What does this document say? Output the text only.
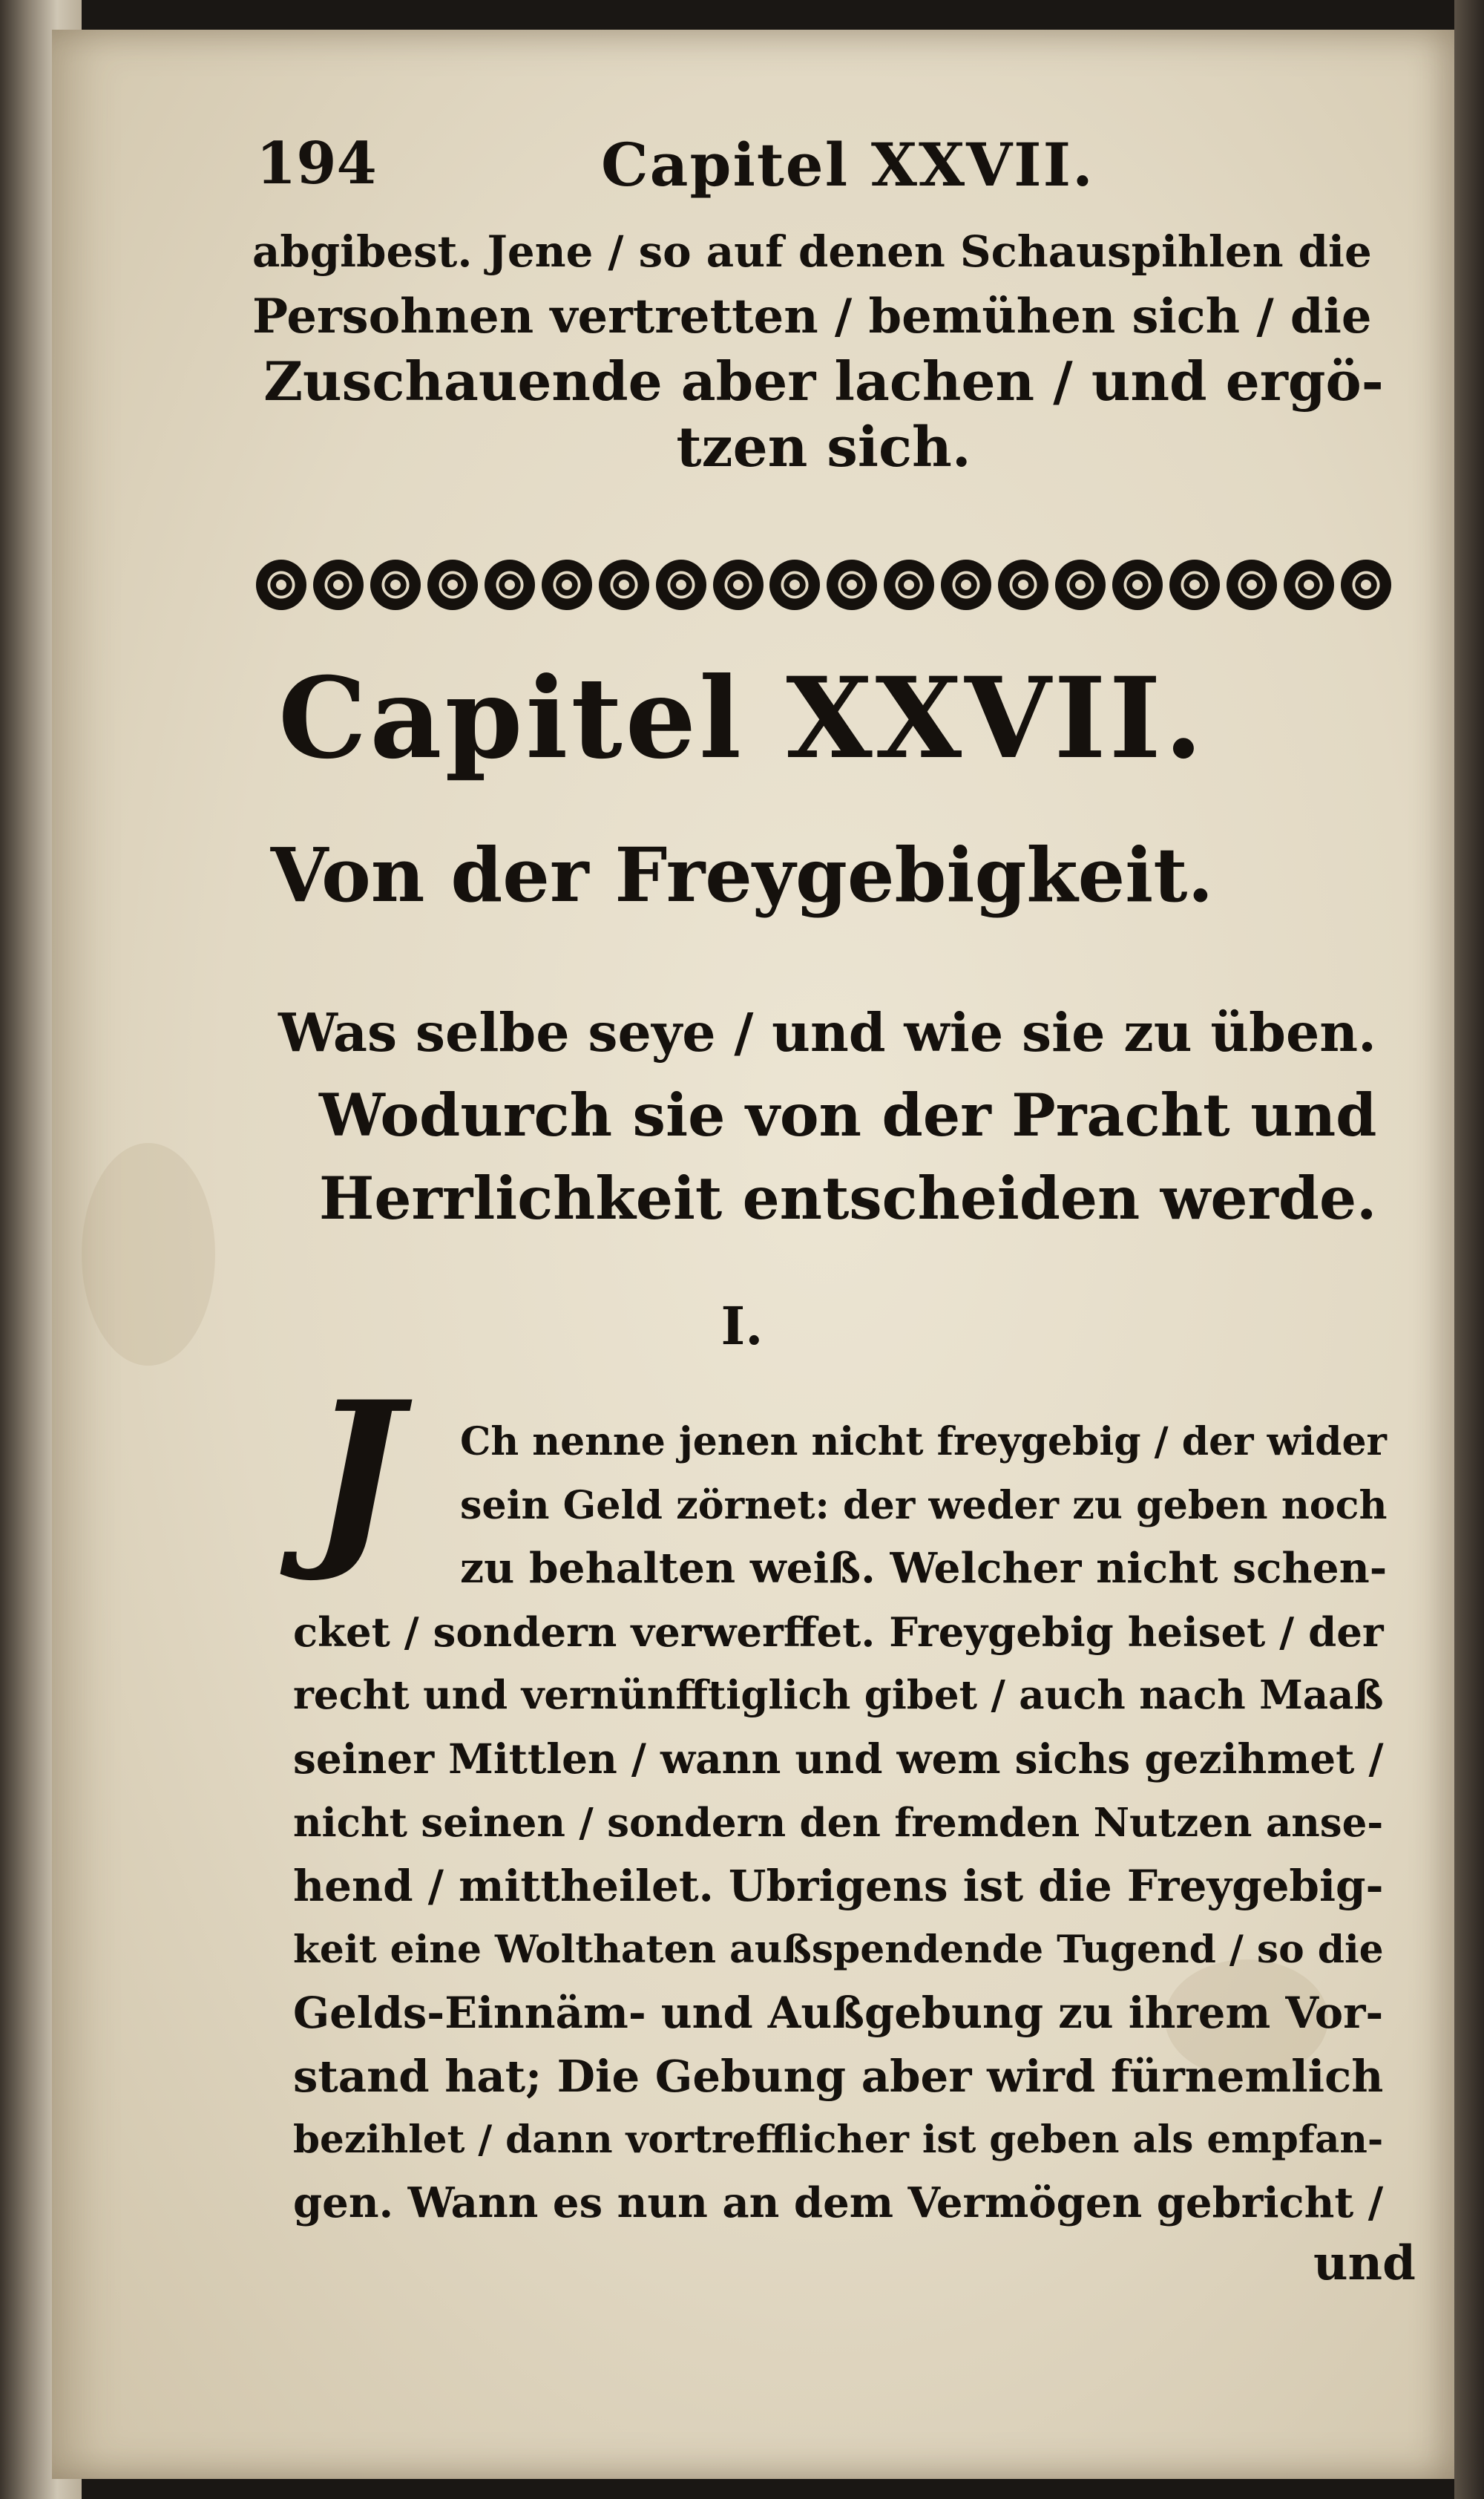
194	Capitel XXVII.
abgibest. Jene / so auf denen Schauspihlen die
Persohnen vertretten / bemühen sich / die
Zuschauende aber lachen / und ergö-
tzen sich.
Capitel XXVII.
Von der Freygebigkeit.
Was selbe seye / und wie sie zu üben.
Wodurch sie von der Pracht und
Herrlichkeit entscheiden werde.
I.
J	Ch nenne jenen nicht freygebig / der wider
sein Geld zörnet: der weder zu geben noch
zu behalten weiß. Welcher nicht schen-
cket / sondern verwerffet. Freygebig heiset / der
recht und vernünfftiglich gibet / auch nach Maaß
seiner Mittlen / wann und wem sichs gezihmet /
nicht seinen / sondern den fremden Nutzen anse-
hend / mittheilet. Ubrigens ist die Freygebig-
keit eine Wolthaten außspendende Tugend / so die
Gelds-Einnäm- und Außgebung zu ihrem Vor-
stand hat; Die Gebung aber wird fürnemlich
bezihlet / dann vortrefflicher ist geben als empfan-
gen. Wann es nun an dem Vermögen gebricht /
und
